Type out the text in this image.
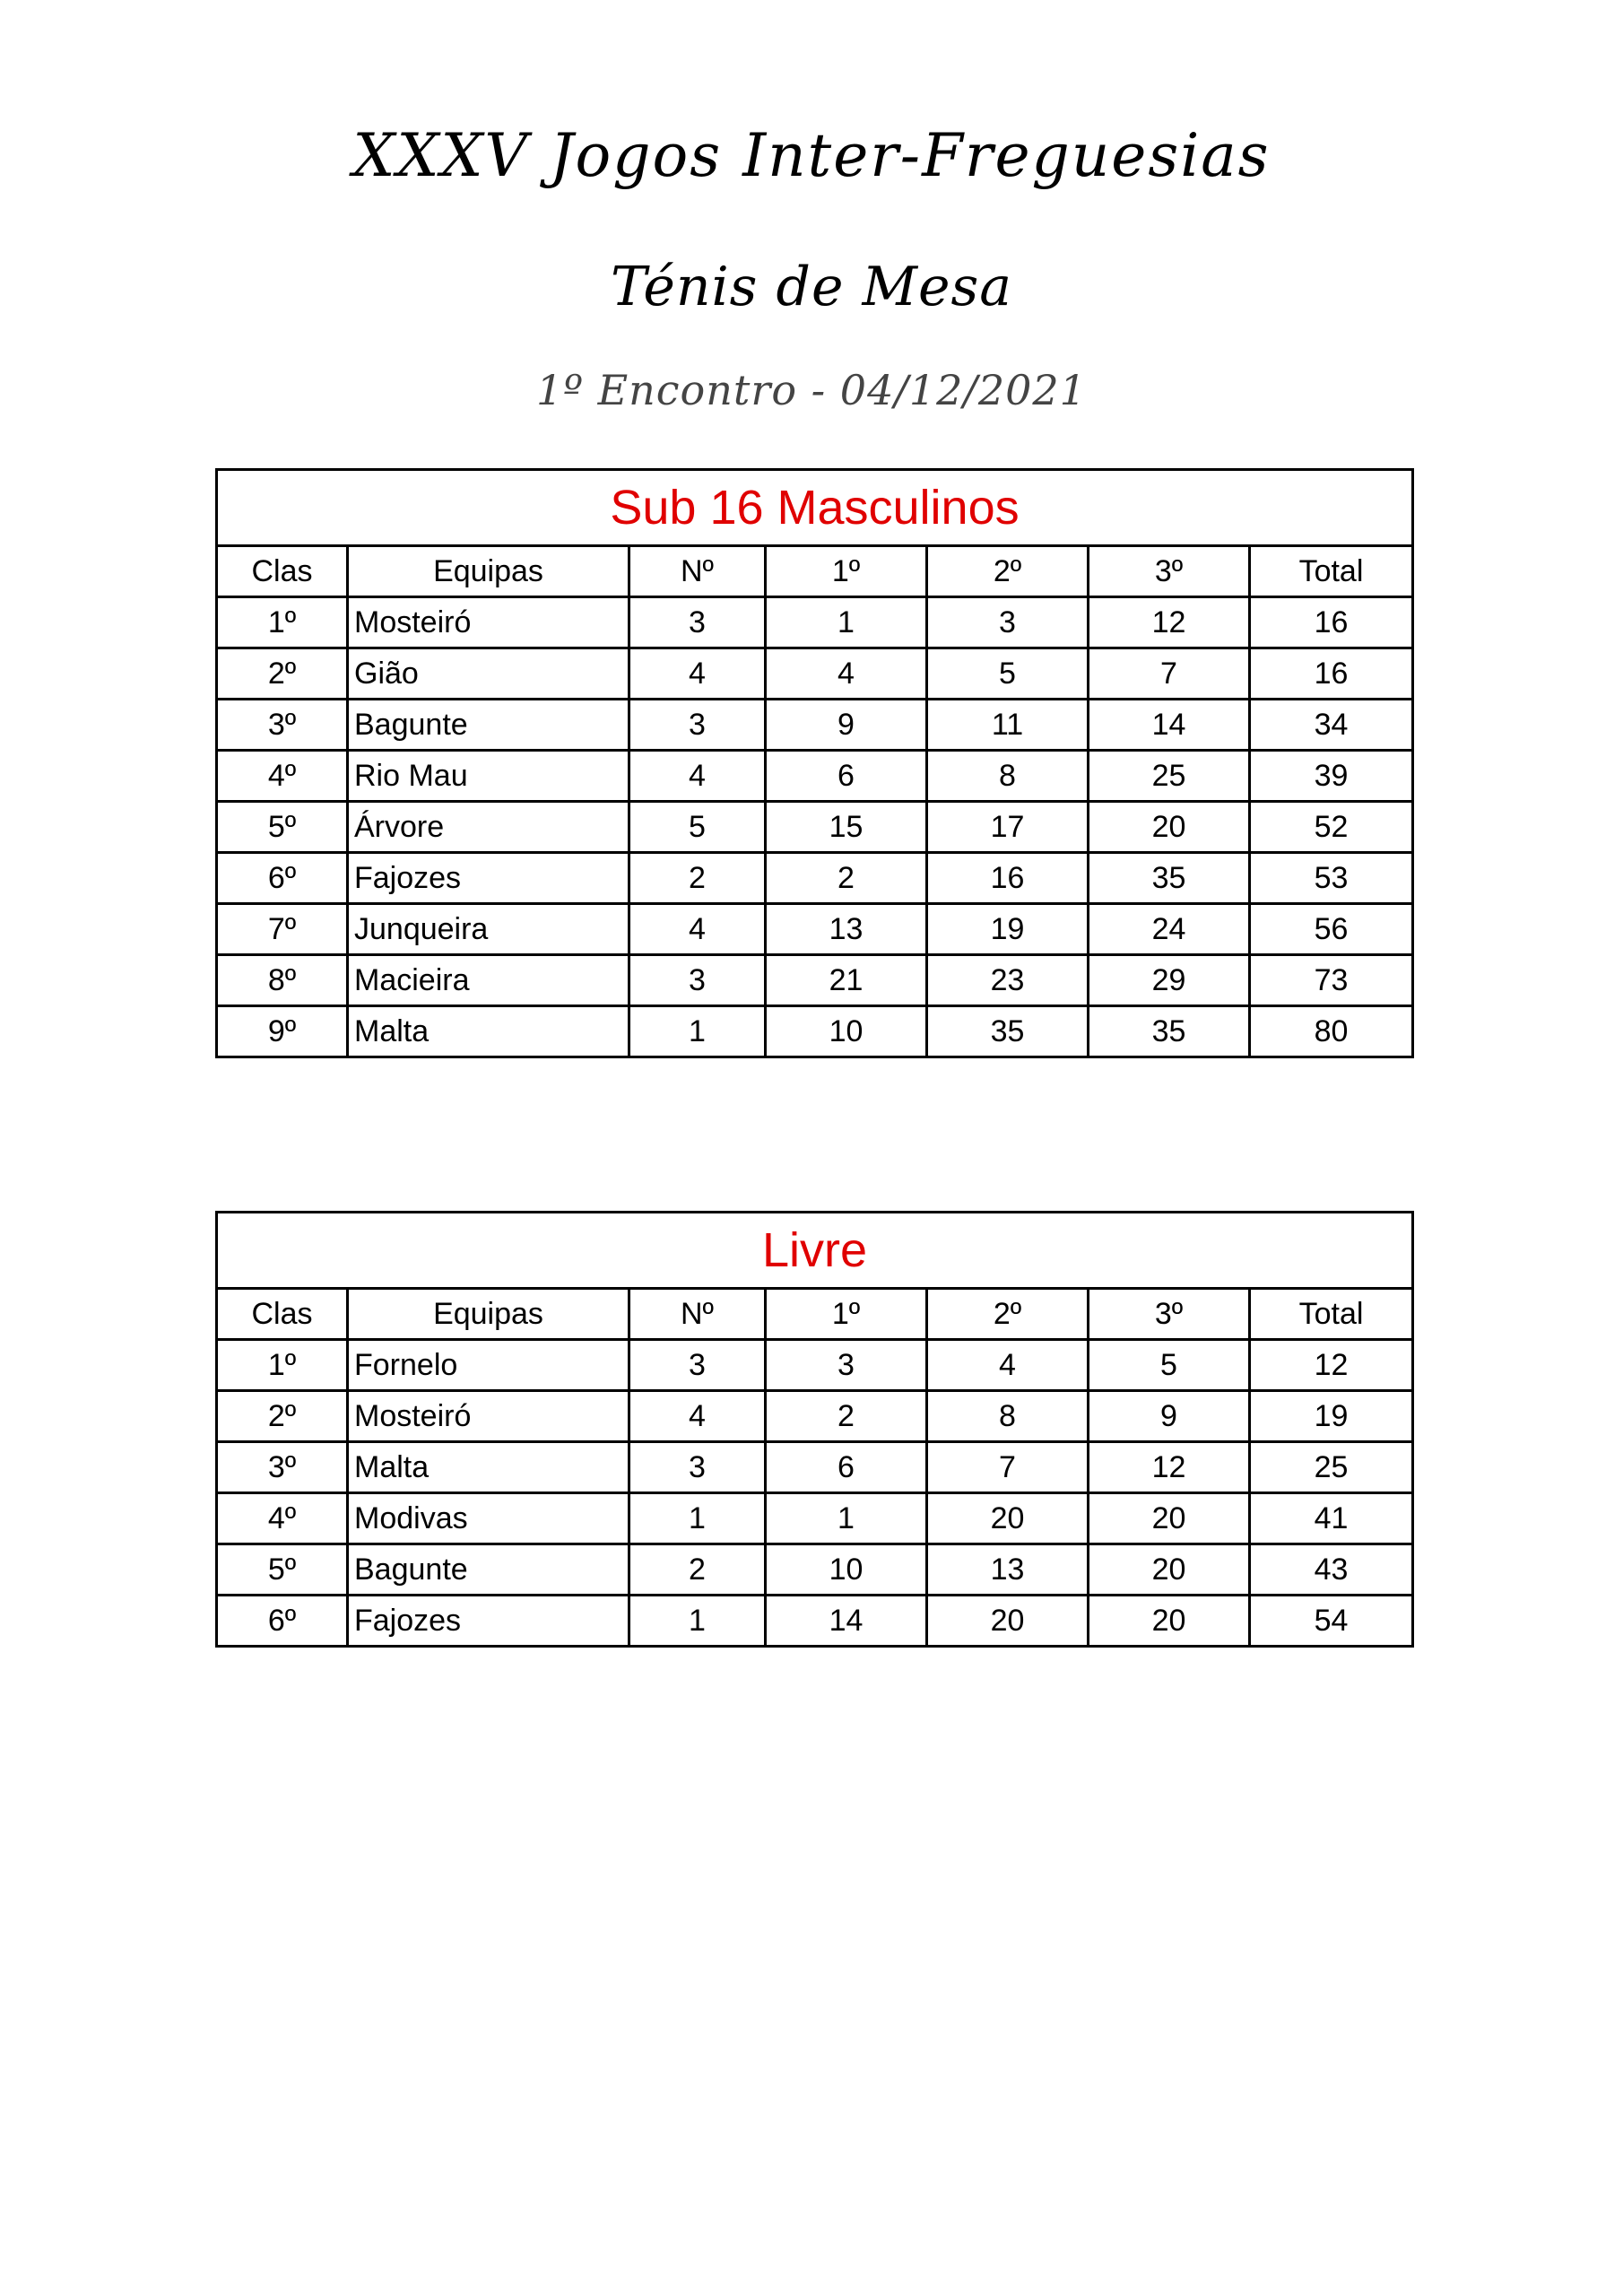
XXXV Jogos Inter-Freguesias
Ténis de Mesa
1º Encontro - 04/12/2021
Sub 16 Masculinos						
Clas	Equipas	Nº	1º	2º	3º	Total
1º	Mosteiró	3	1	3	12	16
2º	Gião	4	4	5	7	16
3º	Bagunte	3	9	11	14	34
4º	Rio Mau	4	6	8	25	39
5º	Árvore	5	15	17	20	52
6º	Fajozes	2	2	16	35	53
7º	Junqueira	4	13	19	24	56
8º	Macieira	3	21	23	29	73
9º	Malta	1	10	35	35	80
Livre						
Clas	Equipas	Nº	1º	2º	3º	Total
1º	Fornelo	3	3	4	5	12
2º	Mosteiró	4	2	8	9	19
3º	Malta	3	6	7	12	25
4º	Modivas	1	1	20	20	41
5º	Bagunte	2	10	13	20	43
6º	Fajozes	1	14	20	20	54
